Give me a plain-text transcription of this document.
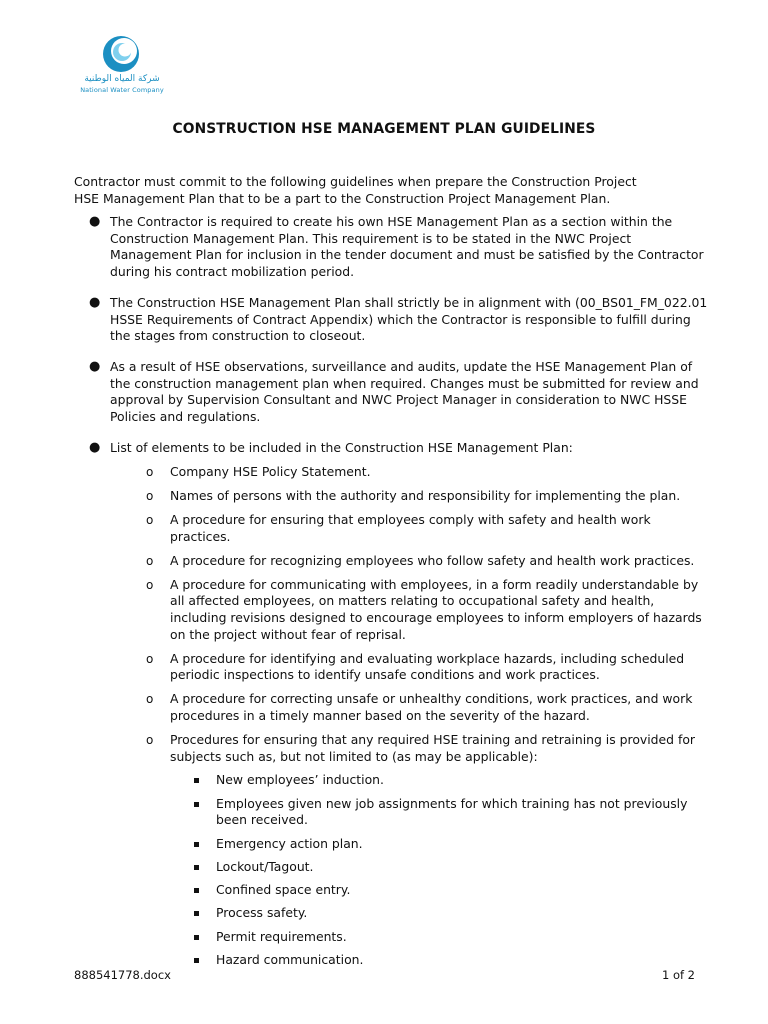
شركة المياه الوطنية
National Water Company
CONSTRUCTION HSE MANAGEMENT PLAN GUIDELINES

Contractor must commit to the following guidelines when prepare the Construction Project HSE Management Plan that to be a part to the Construction Project Management Plan.

● The Contractor is required to create his own HSE Management Plan as a section within the Construction Management Plan. This requirement is to be stated in the NWC Project Management Plan for inclusion in the tender document and must be satisfied by the Contractor during his contract mobilization period.

● The Construction HSE Management Plan shall strictly be in alignment with (00_BS01_FM_022.01 HSSE Requirements of Contract Appendix) which the Contractor is responsible to fulfill during the stages from construction to closeout.

● As a result of HSE observations, surveillance and audits, update the HSE Management Plan of the construction management plan when required. Changes must be submitted for review and approval by Supervision Consultant and NWC Project Manager in consideration to NWC HSSE Policies and regulations.

● List of elements to be included in the Construction HSE Management Plan:

o Company HSE Policy Statement.

o Names of persons with the authority and responsibility for implementing the plan.

o A procedure for ensuring that employees comply with safety and health work practices.

o A procedure for recognizing employees who follow safety and health work practices.

o A procedure for communicating with employees, in a form readily understandable by all affected employees, on matters relating to occupational safety and health, including revisions designed to encourage employees to inform employers of hazards on the project without fear of reprisal.

o A procedure for identifying and evaluating workplace hazards, including scheduled periodic inspections to identify unsafe conditions and work practices.

o A procedure for correcting unsafe or unhealthy conditions, work practices, and work procedures in a timely manner based on the severity of the hazard.

o Procedures for ensuring that any required HSE training and retraining is provided for subjects such as, but not limited to (as may be applicable):

New employees’ induction.

Employees given new job assignments for which training has not previously been received.

Emergency action plan.

Lockout/Tagout.

Confined space entry.

Process safety.

Permit requirements.

Hazard communication.

888541778.docx	1 of 2
